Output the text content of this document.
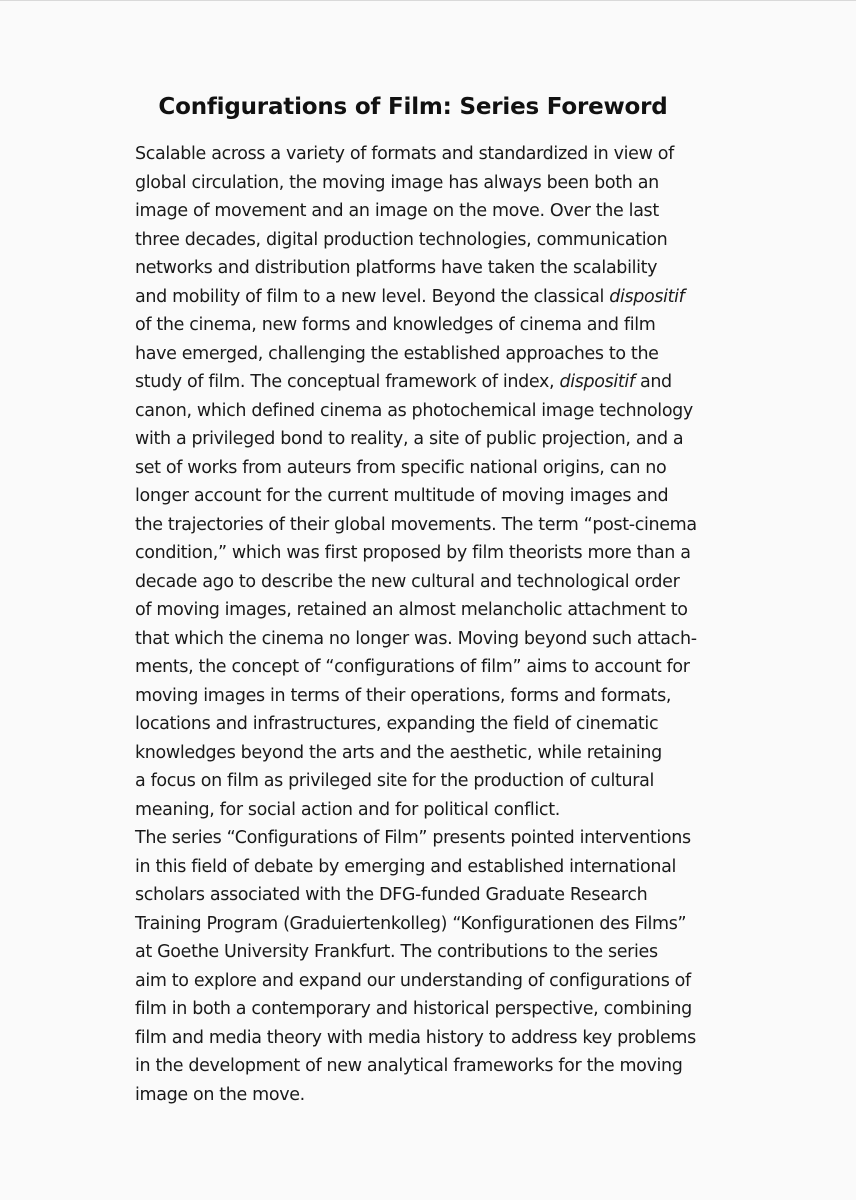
Configurations of Film: Series Foreword

Scalable across a variety of formats and standardized in view of
global circulation, the moving image has always been both an
image of movement and an image on the move. Over the last
three decades, digital production technologies, communication
networks and distribution platforms have taken the scalability
and mobility of film to a new level. Beyond the classical dispositif
of the cinema, new forms and knowledges of cinema and film
have emerged, challenging the established approaches to the
study of film. The conceptual framework of index, dispositif and
canon, which defined cinema as photochemical image technology
with a privileged bond to reality, a site of public projection, and a
set of works from auteurs from specific national origins, can no
longer account for the current multitude of moving images and
the trajectories of their global movements. The term “post-cinema
condition,” which was first proposed by film theorists more than a
decade ago to describe the new cultural and technological order
of moving images, retained an almost melancholic attachment to
that which the cinema no longer was. Moving beyond such attach-
ments, the concept of “configurations of film” aims to account for
moving images in terms of their operations, forms and formats,
locations and infrastructures, expanding the field of cinematic
knowledges beyond the arts and the aesthetic, while retaining
a focus on film as privileged site for the production of cultural
meaning, for social action and for political conflict.

The series “Configurations of Film” presents pointed interventions
in this field of debate by emerging and established international
scholars associated with the DFG-funded Graduate Research
Training Program (Graduiertenkolleg) “Konfigurationen des Films”
at Goethe University Frankfurt. The contributions to the series
aim to explore and expand our understanding of configurations of
film in both a contemporary and historical perspective, combining
film and media theory with media history to address key problems
in the development of new analytical frameworks for the moving
image on the move.
